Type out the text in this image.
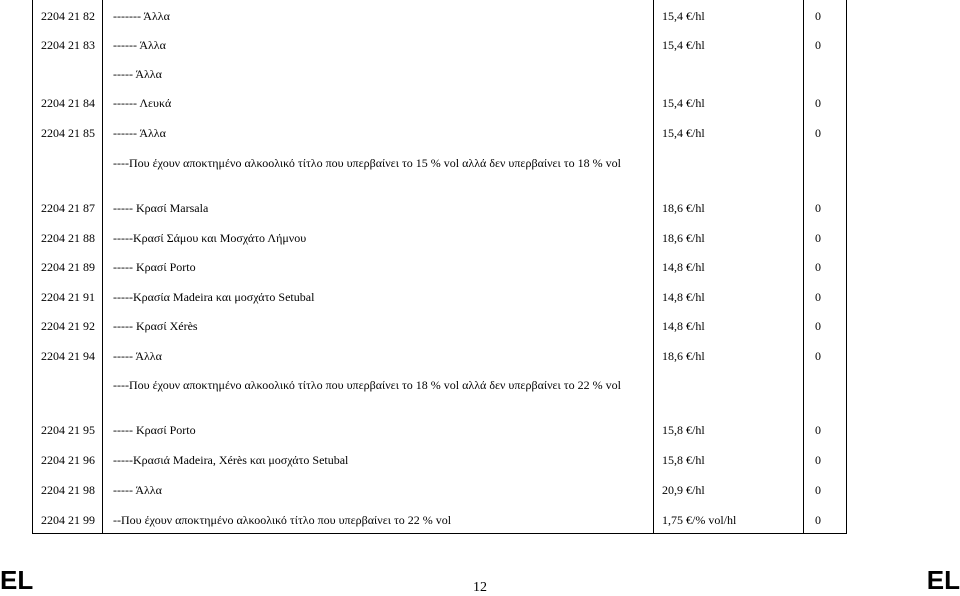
2204 21 82	------- Άλλα	15,4 €/hl	0
2204 21 83	------ Άλλα	15,4 €/hl	0
	----- Άλλα		
2204 21 84	------ Λευκά	15,4 €/hl	0
2204 21 85	------ Άλλα	15,4 €/hl	0
	----Που έχουν αποκτημένο αλκοολικό τίτλο που υπερβαίνει το 15 % vol αλλά δεν υπερβαίνει το 18 % vol		
2204 21 87	----- Κρασί Marsala	18,6 €/hl	0
2204 21 88	-----Κρασί Σάμου και Μοσχάτο Λήμνου	18,6 €/hl	0
2204 21 89	----- Κρασί Porto	14,8 €/hl	0
2204 21 91	-----Κρασία Madeira και μοσχάτο Setubal	14,8 €/hl	0
2204 21 92	----- Κρασί Xérès	14,8 €/hl	0
2204 21 94	----- Άλλα	18,6 €/hl	0
	----Που έχουν αποκτημένο αλκοολικό τίτλο που υπερβαίνει το 18 % vol αλλά δεν υπερβαίνει το 22 % vol		
2204 21 95	----- Κρασί Porto	15,8 €/hl	0
2204 21 96	-----Κρασιά Madeira, Xérès και μοσχάτο Setubal	15,8 €/hl	0
2204 21 98	----- Άλλα	20,9 €/hl	0
2204 21 99	--Που έχουν αποκτημένο αλκοολικό τίτλο που υπερβαίνει το 22 % vol	1,75 €/% vol/hl	0
EL	12	EL
